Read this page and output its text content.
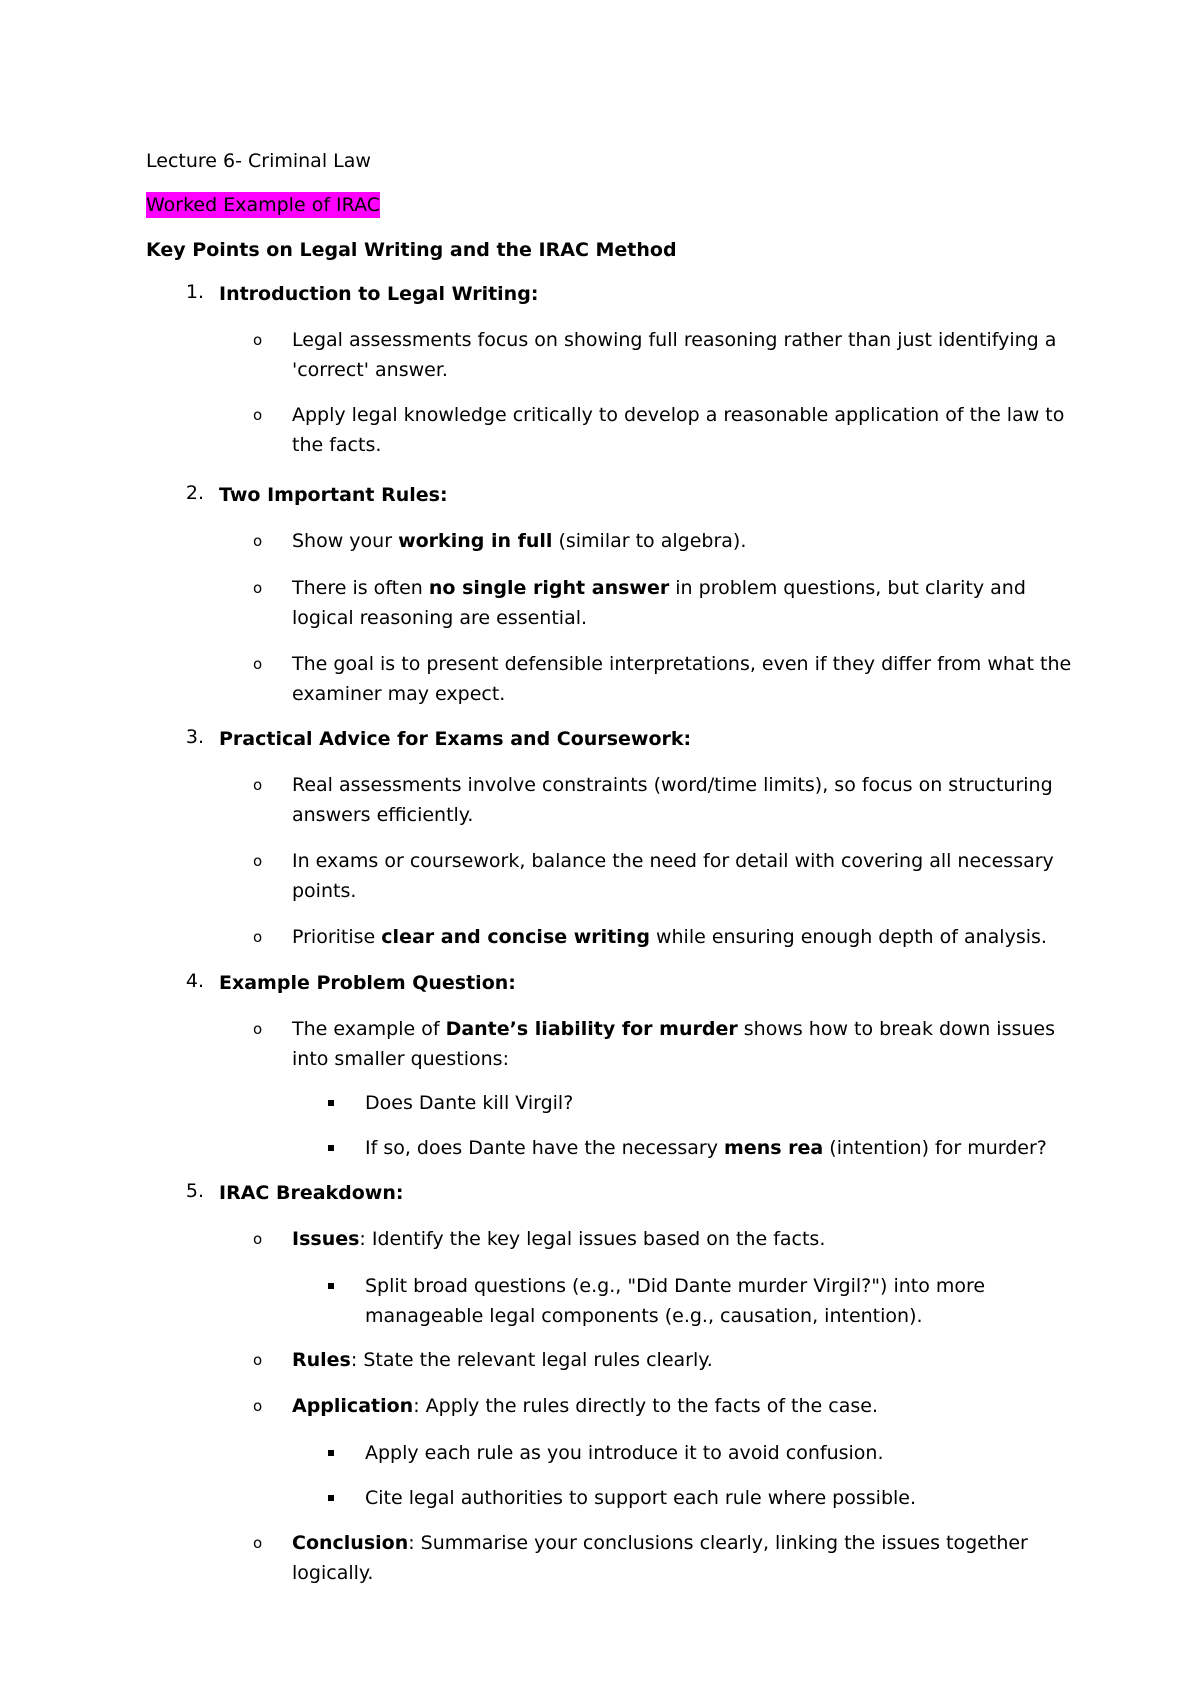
Lecture 6- Criminal Law
Worked Example of IRAC
Key Points on Legal Writing and the IRAC Method
1. Introduction to Legal Writing:
o Legal assessments focus on showing full reasoning rather than just identifying a 'correct' answer.
o Apply legal knowledge critically to develop a reasonable application of the law to the facts.
2. Two Important Rules:
o Show your working in full (similar to algebra).
o There is often no single right answer in problem questions, but clarity and logical reasoning are essential.
o The goal is to present defensible interpretations, even if they differ from what the examiner may expect.
3. Practical Advice for Exams and Coursework:
o Real assessments involve constraints (word/time limits), so focus on structuring answers efficiently.
o In exams or coursework, balance the need for detail with covering all necessary points.
o Prioritise clear and concise writing while ensuring enough depth of analysis.
4. Example Problem Question:
o The example of Dante’s liability for murder shows how to break down issues into smaller questions:
Does Dante kill Virgil?
If so, does Dante have the necessary mens rea (intention) for murder?
5. IRAC Breakdown:
o Issues: Identify the key legal issues based on the facts.
Split broad questions (e.g., "Did Dante murder Virgil?") into more manageable legal components (e.g., causation, intention).
o Rules: State the relevant legal rules clearly.
o Application: Apply the rules directly to the facts of the case.
Apply each rule as you introduce it to avoid confusion.
Cite legal authorities to support each rule where possible.
o Conclusion: Summarise your conclusions clearly, linking the issues together logically.
